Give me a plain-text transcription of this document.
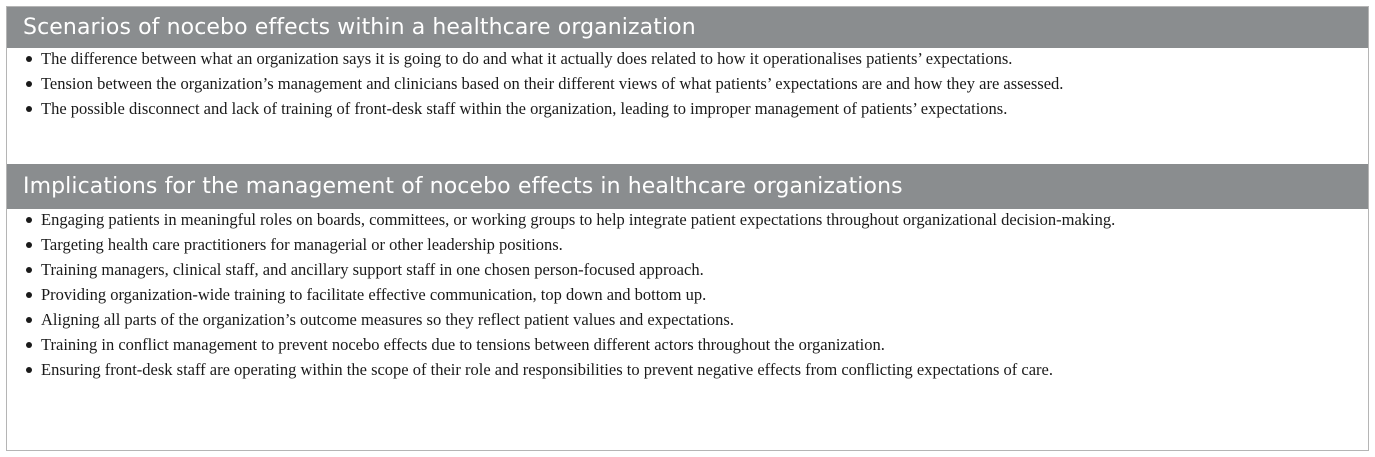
Scenarios of nocebo effects within a healthcare organization
The difference between what an organization says it is going to do and what it actually does related to how it operationalises patients’ expectations.
Tension between the organization’s management and clinicians based on their different views of what patients’ expectations are and how they are assessed.
The possible disconnect and lack of training of front-desk staff within the organization, leading to improper management of patients’ expectations.
Implications for the management of nocebo effects in healthcare organizations
Engaging patients in meaningful roles on boards, committees, or working groups to help integrate patient expectations throughout organizational decision-making.
Targeting health care practitioners for managerial or other leadership positions.
Training managers, clinical staff, and ancillary support staff in one chosen person-focused approach.
Providing organization-wide training to facilitate effective communication, top down and bottom up.
Aligning all parts of the organization’s outcome measures so they reflect patient values and expectations.
Training in conflict management to prevent nocebo effects due to tensions between different actors throughout the organization.
Ensuring front-desk staff are operating within the scope of their role and responsibilities to prevent negative effects from conflicting expectations of care.
